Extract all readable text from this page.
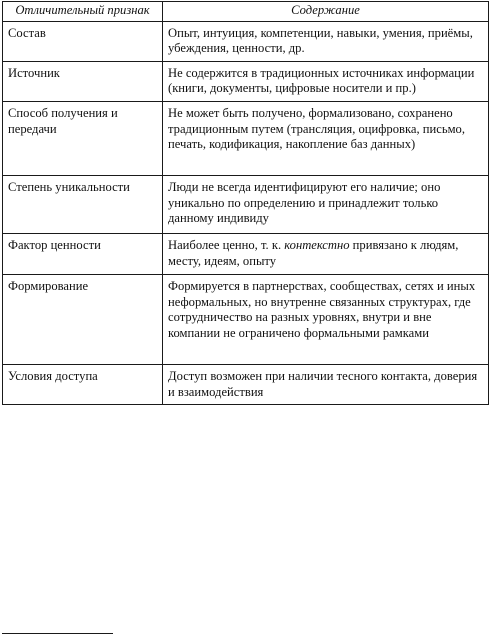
Отличительный признак	Содержание
Состав	Опыт, интуиция, компетенции, навыки, умения, приёмы, убеждения, ценности, др.
Источник	Не содержится в традиционных источниках информации (книги, документы, цифровые носители и пр.)
Способ получения и передачи	Не может быть получено, формализовано, сохранено традиционным путем (трансляция, оцифровка, письмо, печать, кодификация, накопление баз данных)
Степень уникальности	Люди не всегда идентифицируют его наличие; оно уникально по определению и принадлежит только данному индивиду
Фактор ценности	Наиболее ценно, т. к. контекстно привязано к людям, месту, идеям, опыту
Формирование	Формируется в партнерствах, сообществах, сетях и иных неформальных, но внутренне связанных структурах, где сотрудничество на разных уровнях, внутри и вне компании не ограничено формальными рамками
Условия доступа	Доступ возможен при наличии тесного контакта, доверия и взаимодействия
